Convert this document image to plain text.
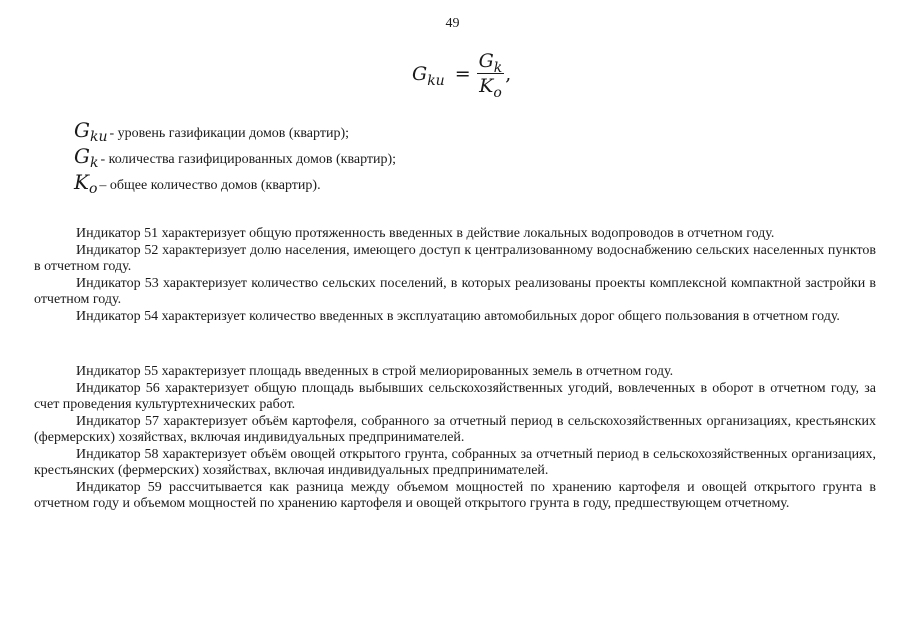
49
$G_{ku} = \frac{G_k}{K_o}$ ,
$G_{ku}$ - уровень газификации домов (квартир);
$G_k$ - количества газифицированных домов (квартир);
$K_o$ – общее количество домов (квартир).

Индикатор 51 характеризует общую протяженность введенных в действие локальных водопроводов в отчетном году.

Индикатор 52 характеризует долю населения, имеющего доступ к централизованному водоснабжению сельских населенных пунктов в отчетном году.

Индикатор 53 характеризует количество сельских поселений, в которых реализованы проекты комплексной компактной застройки в отчетном году.

Индикатор 54 характеризует количество введенных в эксплуатацию автомобильных дорог общего пользования в отчетном году.

Индикатор 55 характеризует площадь введенных в строй мелиорированных земель в отчетном году.

Индикатор 56 характеризует общую площадь выбывших сельскохозяйственных угодий, вовлеченных в оборот в отчетном году, за счет проведения культуртехнических работ.

Индикатор 57 характеризует объём картофеля, собранного за отчетный период в сельскохозяйственных организациях, крестьянских (фермерских) хозяйствах, включая индивидуальных предпринимателей.

Индикатор 58 характеризует объём овощей открытого грунта, собранных за отчетный период в сельскохозяйственных организациях, крестьянских (фермерских) хозяйствах, включая индивидуальных предпринимателей.

Индикатор 59 рассчитывается как разница между объемом мощностей по хранению картофеля и овощей открытого грунта в отчетном году и объемом мощностей по хранению картофеля и овощей открытого грунта в году, предшествующем отчетному.
